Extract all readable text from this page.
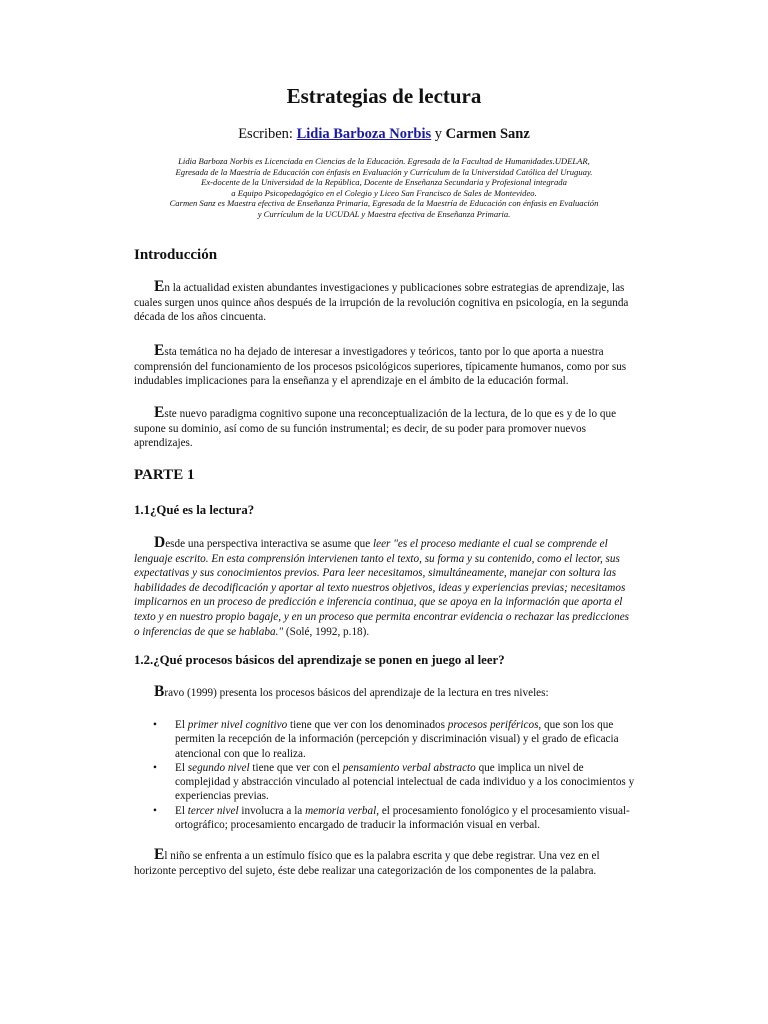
Estrategias de lectura
Escriben: Lidia Barboza Norbis y Carmen Sanz
Lidia Barboza Norbis es Licenciada en Ciencias de la Educación. Egresada de la Facultad de Humanidades.UDELAR,
Egresada de la Maestría de Educación con énfasis en Evaluación y Currículum de la Universidad Católica del Uruguay.
Ex-docente de la Universidad de la República, Docente de Enseñanza Secundaria y Profesional integrada
a Equipo Psicopedagógico en el Colegio y Liceo San Francisco de Sales de Montevideo.
Carmen Sanz es Maestra efectiva de Enseñanza Primaria, Egresada de la Maestría de Educación con énfasis en Evaluación
y Currículum de la UCUDAL y Maestra efectiva de Enseñanza Primaria.
Introducción
En la actualidad existen abundantes investigaciones y publicaciones sobre estrategias de aprendizaje, las cuales surgen unos quince años después de la irrupción de la revolución cognitiva en psicología, en la segunda década de los años cincuenta.
Esta temática no ha dejado de interesar a investigadores y teóricos, tanto por lo que aporta a nuestra comprensión del funcionamiento de los procesos psicológicos superiores, típicamente humanos, como por sus indudables implicaciones para la enseñanza y el aprendizaje en el ámbito de la educación formal.
Este nuevo paradigma cognitivo supone una reconceptualización de la lectura, de lo que es y de lo que supone su dominio, así como de su función instrumental; es decir, de su poder para promover nuevos aprendizajes.
PARTE 1
1.1¿Qué es la lectura?
Desde una perspectiva interactiva se asume que leer "es el proceso mediante el cual se comprende el lenguaje escrito. En esta comprensión intervienen tanto el texto, su forma y su contenido, como el lector, sus expectativas y sus conocimientos previos. Para leer necesitamos, simultáneamente, manejar con soltura las habilidades de decodificación y aportar al texto nuestros objetivos, ideas y experiencias previas; necesitamos implicarnos en un proceso de predicción e inferencia continua, que se apoya en la información que aporta el texto y en nuestro propio bagaje, y en un proceso que permita encontrar evidencia o rechazar las predicciones o inferencias de que se hablaba." (Solé, 1992, p.18).
1.2.¿Qué procesos básicos del aprendizaje se ponen en juego al leer?
Bravo (1999) presenta los procesos básicos del aprendizaje de la lectura en tres niveles:
• El primer nivel cognitivo tiene que ver con los denominados procesos periféricos, que son los que permiten la recepción de la información (percepción y discriminación visual) y el grado de eficacia atencional con que lo realiza.
• El segundo nivel tiene que ver con el pensamiento verbal abstracto que implica un nivel de complejidad y abstracción vinculado al potencial intelectual de cada individuo y a los conocimientos y experiencias previas.
• El tercer nivel involucra a la memoria verbal, el procesamiento fonológico y el procesamiento visual-ortográfico; procesamiento encargado de traducir la información visual en verbal.
El niño se enfrenta a un estímulo físico que es la palabra escrita y que debe registrar. Una vez en el horizonte perceptivo del sujeto, éste debe realizar una categorización de los componentes de la palabra.
